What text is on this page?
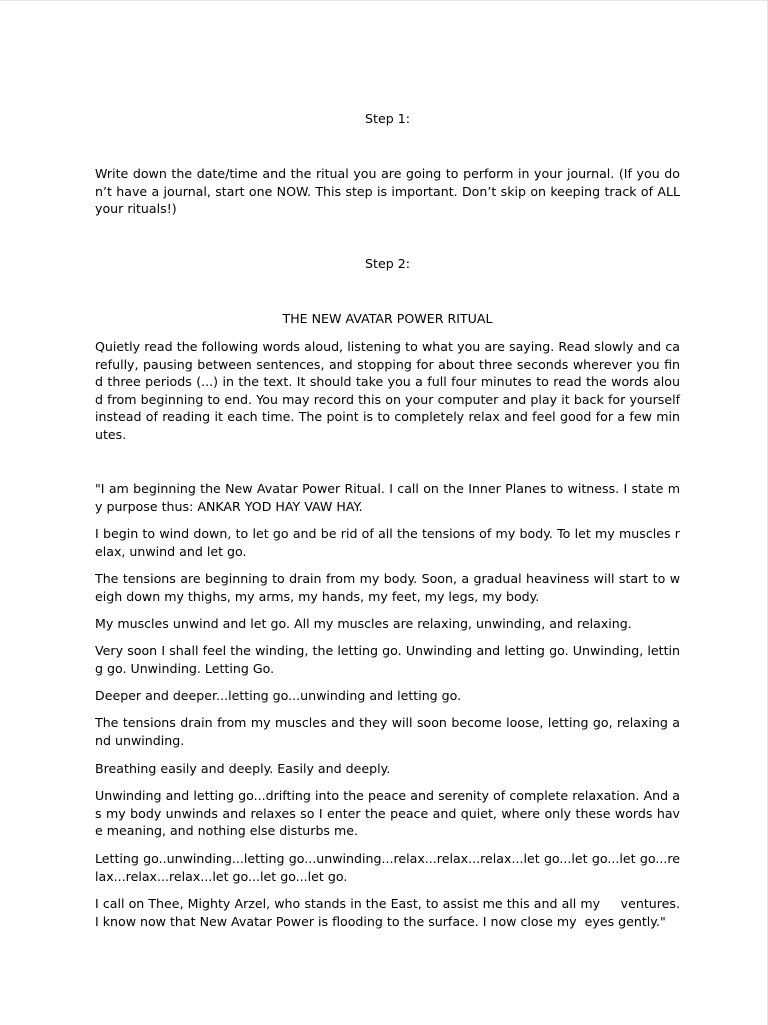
Step 1:

Write down the date/time and the ritual you are going to perform in your journal. (If you don’t have a journal, start one NOW. This step is important. Don’t skip on keeping track of ALL your rituals!)

Step 2:

THE NEW AVATAR POWER RITUAL

Quietly read the following words aloud, listening to what you are saying. Read slowly and carefully, pausing between sentences, and stopping for about three seconds wherever you find three periods (...) in the text. It should take you a full four minutes to read the words aloud from beginning to end. You may record this on your computer and play it back for yourself instead of reading it each time. The point is to completely relax and feel good for a few minutes.

"I am beginning the New Avatar Power Ritual. I call on the Inner Planes to witness. I state my purpose thus: ANKAR YOD HAY VAW HAY.

I begin to wind down, to let go and be rid of all the tensions of my body. To let my muscles relax, unwind and let go.

The tensions are beginning to drain from my body. Soon, a gradual heaviness will start to weigh down my thighs, my arms, my hands, my feet, my legs, my body.

My muscles unwind and let go. All my muscles are relaxing, unwinding, and relaxing.

Very soon I shall feel the winding, the letting go. Unwinding and letting go. Unwinding, letting go. Unwinding. Letting Go.

Deeper and deeper...letting go...unwinding and letting go.

The tensions drain from my muscles and they will soon become loose, letting go, relaxing and unwinding.

Breathing easily and deeply. Easily and deeply.

Unwinding and letting go...drifting into the peace and serenity of complete relaxation. And as my body unwinds and relaxes so I enter the peace and quiet, where only these words have meaning, and nothing else disturbs me.

Letting go..unwinding...letting go...unwinding...relax...relax...relax...let go...let go...let go...relax...relax...relax...let go...let go...let go.

I call on Thee, Mighty Arzel, who stands in the East, to assist me this and all my     ventures. I know now that New Avatar Power is flooding to the surface. I now close my  eyes gently."
